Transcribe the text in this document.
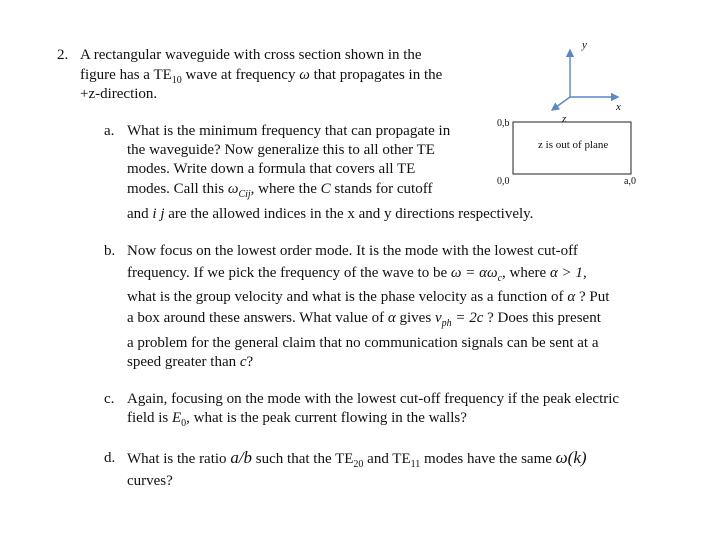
2. A rectangular waveguide with cross section shown in the
figure has a $TE_{10}$ wave at frequency ω that propagates in the
+z-direction.
y
x
z
0,b
z is out of plane
0,0	a,0
a. What is the minimum frequency that can propagate in
the waveguide? Now generalize this to all other TE
modes. Write down a formula that covers all TE
modes. Call this $\omega_{Cij}$, where the C stands for cutoff
and i j are the allowed indices in the x and y directions respectively.
b. Now focus on the lowest order mode. It is the mode with the lowest cut-off
frequency. If we pick the frequency of the wave to be $\omega = \alpha\omega_c$, where α > 1,
what is the group velocity and what is the phase velocity as a function of α ? Put
a box around these answers. What value of α gives $v_{ph} = 2c$ ? Does this present
a problem for the general claim that no communication signals can be sent at a
speed greater than c?
c. Again, focusing on the mode with the lowest cut-off frequency if the peak electric
field is $E_0$, what is the peak current flowing in the walls?
d. What is the ratio a/b such that the $TE_{20}$ and $TE_{11}$ modes have the same ω(k)
curves?
